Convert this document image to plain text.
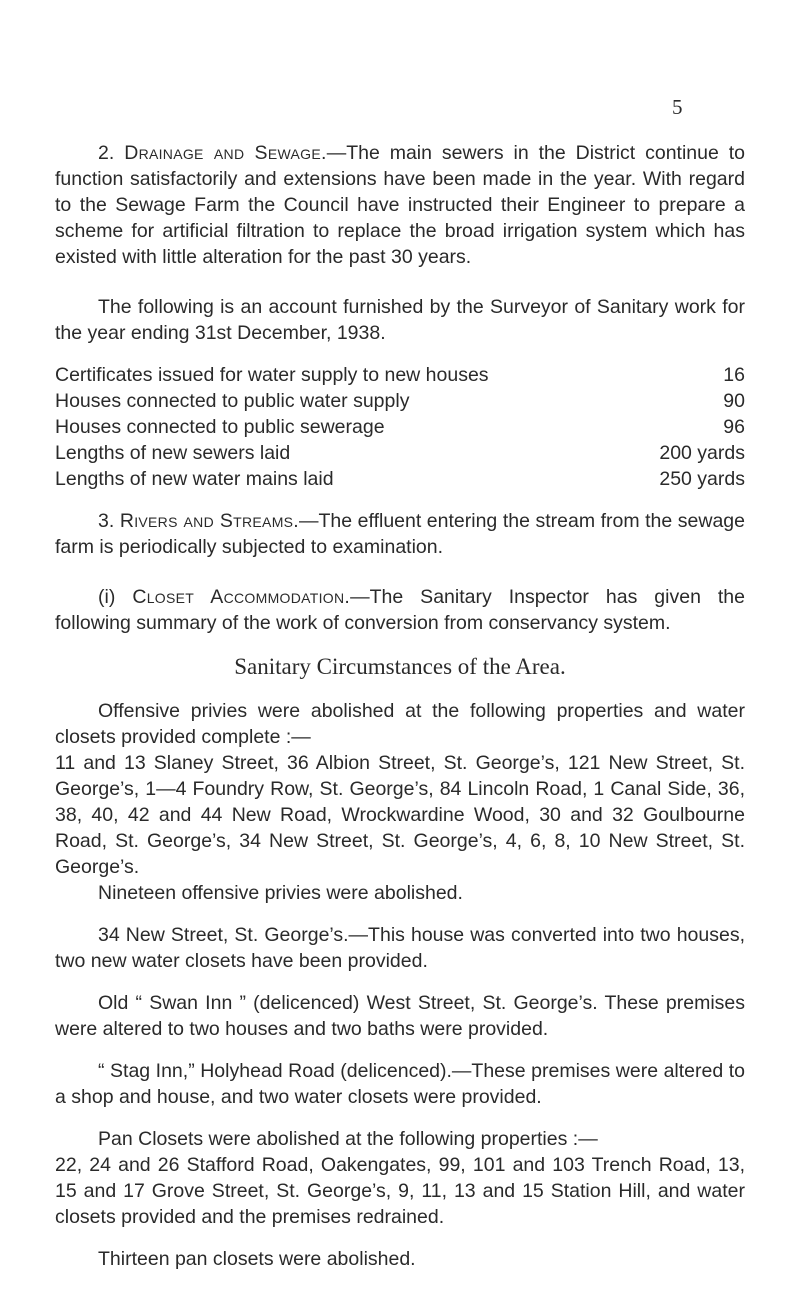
5

2. Drainage and Sewage.—The main sewers in the District continue to function satisfactorily and extensions have been made in the year. With regard to the Sewage Farm the Council have instructed their Engineer to prepare a scheme for artificial filtration to replace the broad irrigation system which has existed with little alteration for the past 30 years.

The following is an account furnished by the Surveyor of Sanitary work for the year ending 31st December, 1938.

Certificates issued for water supply to new houses	16
Houses connected to public water supply	90
Houses connected to public sewerage	96
Lengths of new sewers laid	200 yards
Lengths of new water mains laid	250 yards

3. Rivers and Streams.—The effluent entering the stream from the sewage farm is periodically subjected to examination.

(i) Closet Accommodation.—The Sanitary Inspector has given the following summary of the work of conversion from conservancy system.

Sanitary Circumstances of the Area.

Offensive privies were abolished at the following properties and water closets provided complete :—

11 and 13 Slaney Street, 36 Albion Street, St. George’s, 121 New Street, St. George’s, 1—4 Foundry Row, St. George’s, 84 Lincoln Road, 1 Canal Side, 36, 38, 40, 42 and 44 New Road, Wrockwardine Wood, 30 and 32 Goulbourne Road, St. George’s, 34 New Street, St. George’s, 4, 6, 8, 10 New Street, St. George’s.

Nineteen offensive privies were abolished.

34 New Street, St. George’s.—This house was converted into two houses, two new water closets have been provided.

Old “ Swan Inn ” (delicenced) West Street, St. George’s. These premises were altered to two houses and two baths were provided.

“ Stag Inn,” Holyhead Road (delicenced).—These premises were altered to a shop and house, and two water closets were provided.

Pan Closets were abolished at the following properties :—

22, 24 and 26 Stafford Road, Oakengates, 99, 101 and 103 Trench Road, 13, 15 and 17 Grove Street, St. George’s, 9, 11, 13 and 15 Station Hill, and water closets provided and the premises redrained.

Thirteen pan closets were abolished.
